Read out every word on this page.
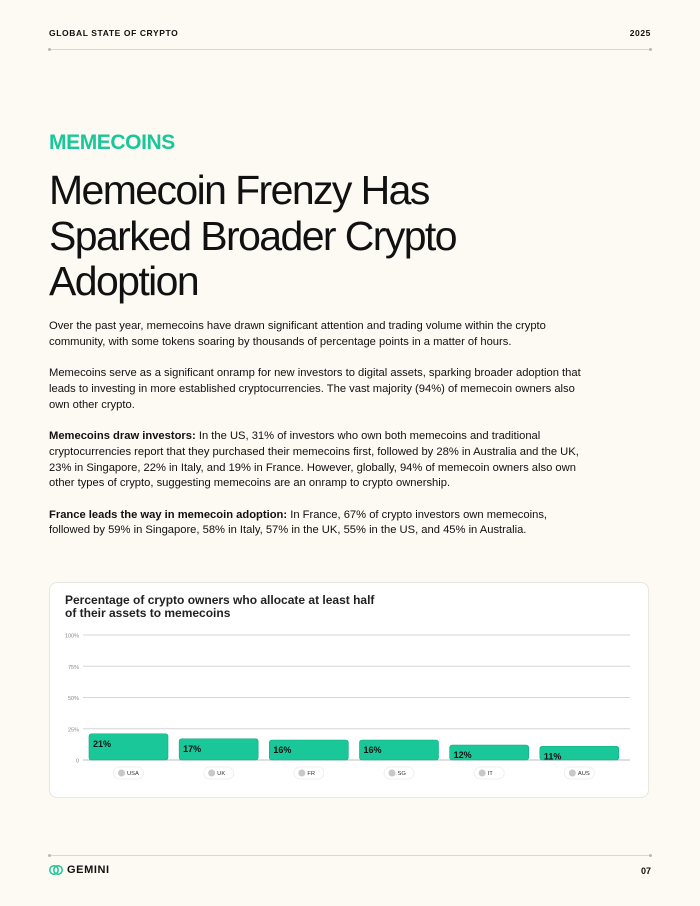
GLOBAL STATE OF CRYPTO	2025
MEMECOINS
Memecoin Frenzy Has Sparked Broader Crypto Adoption

Over the past year, memecoins have drawn significant attention and trading volume within the crypto community, with some tokens soaring by thousands of percentage points in a matter of hours.

Memecoins serve as a significant onramp for new investors to digital assets, sparking broader adoption that leads to investing in more established cryptocurrencies. The vast majority (94%) of memecoin owners also own other crypto.

Memecoins draw investors: In the US, 31% of investors who own both memecoins and traditional cryptocurrencies report that they purchased their memecoins first, followed by 28% in Australia and the UK, 23% in Singapore, 22% in Italy, and 19% in France. However, globally, 94% of memecoin owners also own other types of crypto, suggesting memecoins are an onramp to crypto ownership.

France leads the way in memecoin adoption: In France, 67% of crypto investors own memecoins, followed by 59% in Singapore, 58% in Italy, 57% in the UK, 55% in the US, and 45% in Australia.

Percentage of crypto owners who allocate at least half of their assets to memecoins
0
25%
50%
75%
100%
21%
USA
17%
UK
16%
FR
16%
SG
12%
IT
11%
AUS
GEMINI	07
